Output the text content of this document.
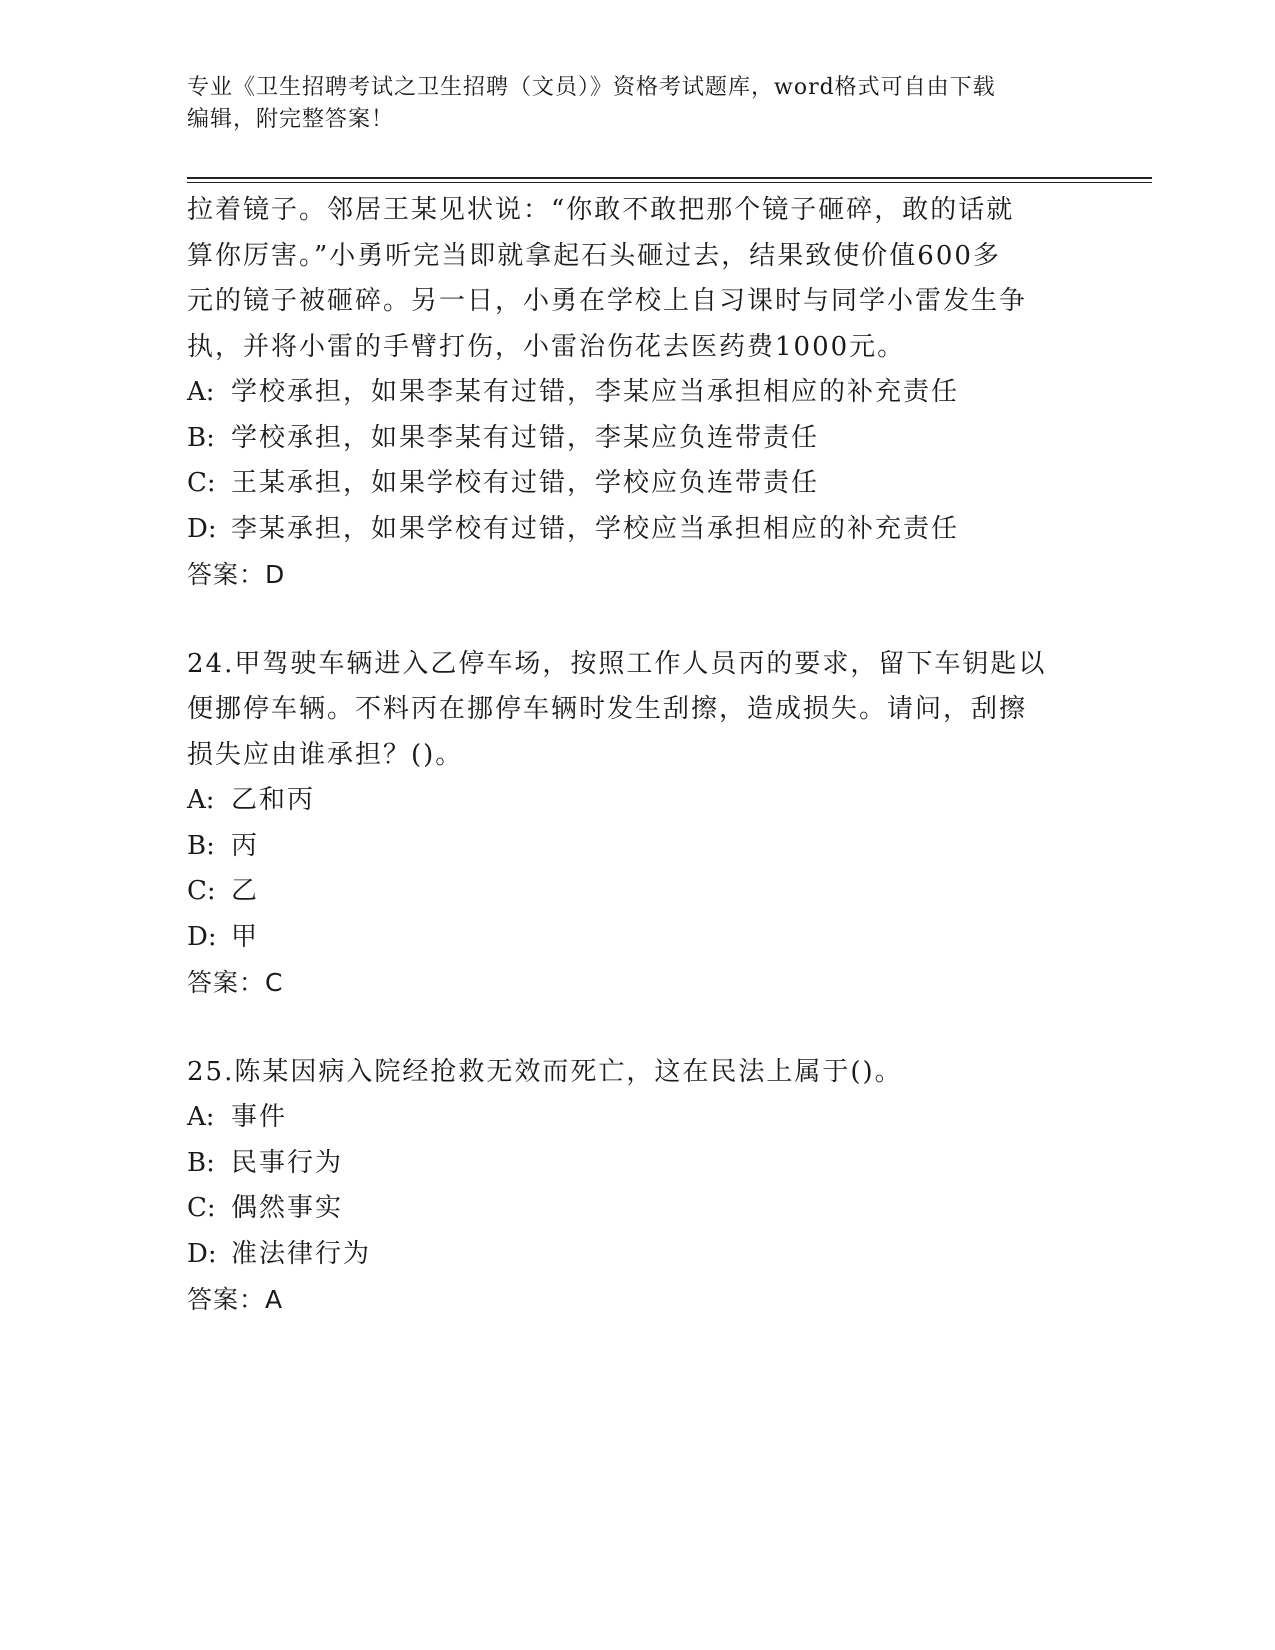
专业《卫生招聘考试之卫生招聘（文员）》资格考试题库，word格式可自由下载
编辑，附完整答案！

拉着镜子。邻居王某见状说：“你敢不敢把那个镜子砸碎，敢的话就

算你厉害。”小勇听完当即就拿起石头砸过去，结果致使价值600多

元的镜子被砸碎。另一日，小勇在学校上自习课时与同学小雷发生争

执，并将小雷的手臂打伤，小雷治伤花去医药费1000元。

A: 学校承担，如果李某有过错，李某应当承担相应的补充责任

B: 学校承担，如果李某有过错，李某应负连带责任

C: 王某承担，如果学校有过错，学校应负连带责任

D: 李某承担，如果学校有过错，学校应当承担相应的补充责任

答案：D

24.甲驾驶车辆进入乙停车场，按照工作人员丙的要求，留下车钥匙以

便挪停车辆。不料丙在挪停车辆时发生刮擦，造成损失。请问，刮擦

损失应由谁承担？()。

A: 乙和丙

B: 丙

C: 乙

D: 甲

答案：C

25.陈某因病入院经抢救无效而死亡，这在民法上属于()。

A: 事件

B: 民事行为

C: 偶然事实

D: 准法律行为

答案：A
